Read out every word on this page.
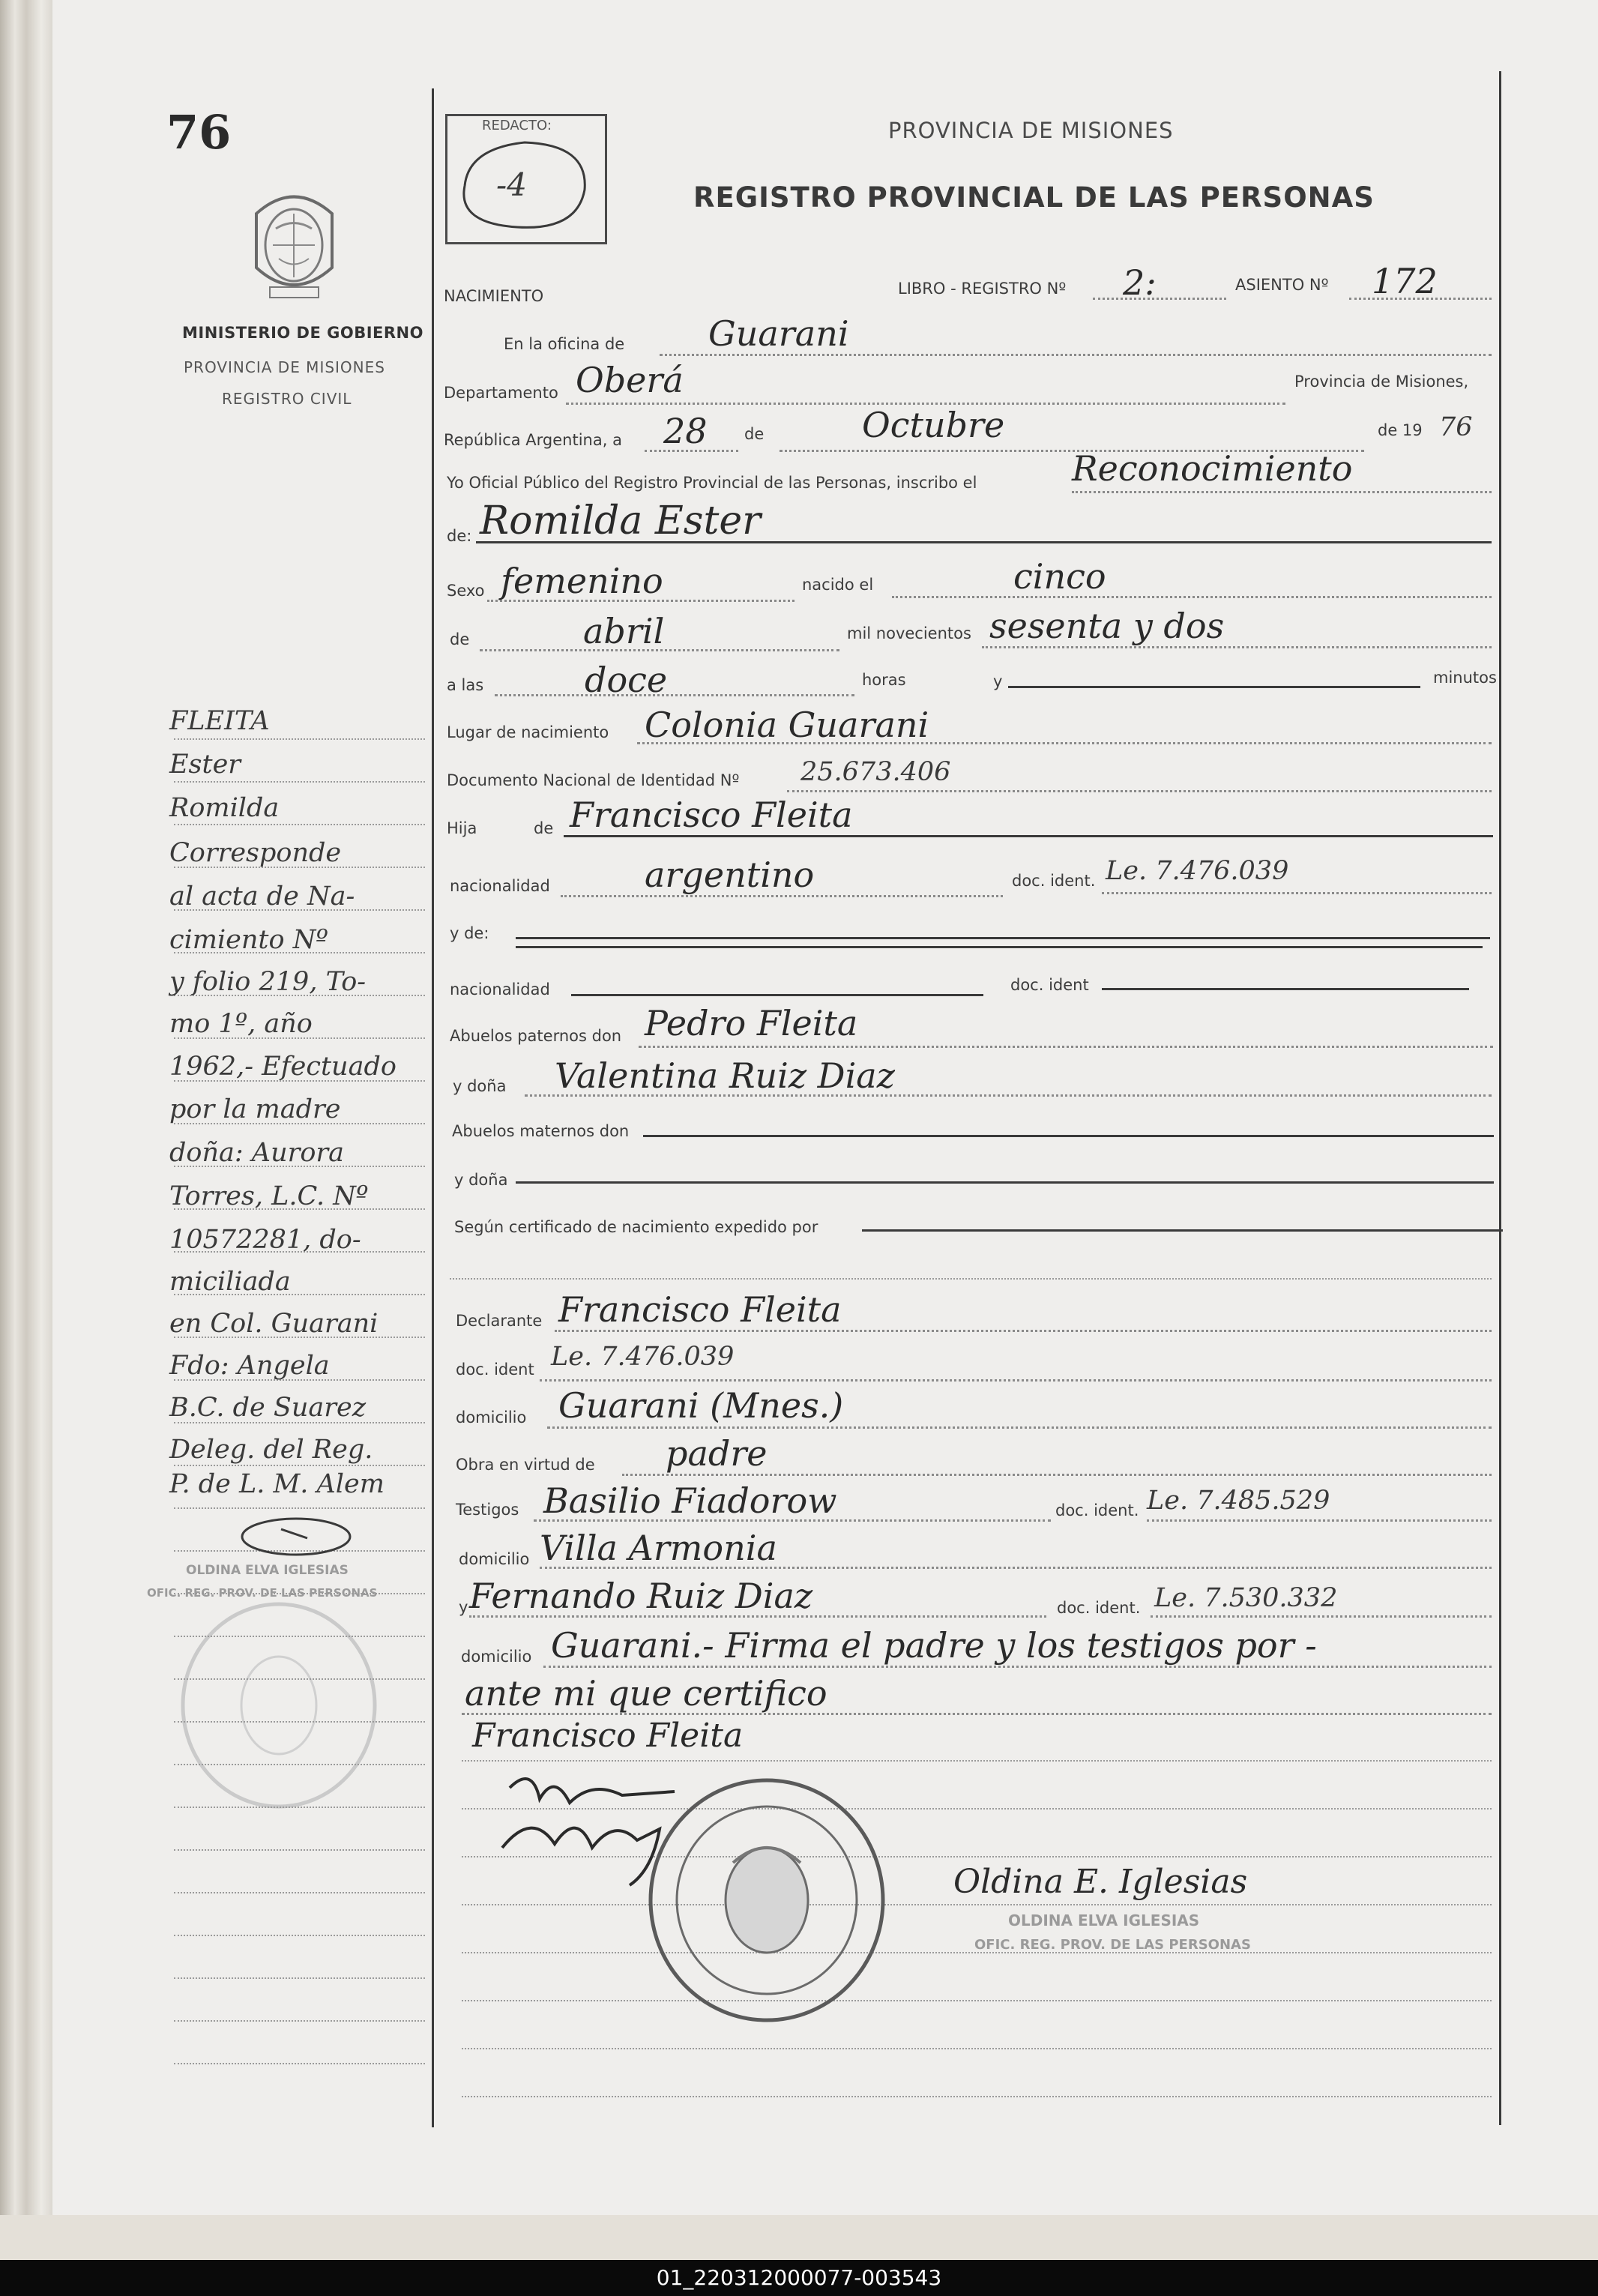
76
MINISTERIO DE GOBIERNO
PROVINCIA DE MISIONES
REGISTRO CIVIL
REDACTO:
-4
PROVINCIA DE MISIONES
REGISTRO PROVINCIAL DE LAS PERSONAS
NACIMIENTO	LIBRO - REGISTRO Nº 2:	ASIENTO Nº 172
En la oficina de Guarani
Departamento Oberá	Provincia de Misiones,
República Argentina, a 28 de	Octubre	de 19 76
Yo Oficial Público del Registro Provincial de las Personas, inscribo el	Reconocimiento
de: Romilda Ester
Sexo femenino	nacido el	cinco
de	abril	mil novecientos sesenta y dos
a las	doce	horas	y	minutos
Lugar de nacimiento Colonia Guarani
Documento Nacional de Identidad Nº 25.673.406
Hija	de Francisco Fleita
nacionalidad	argentino	doc. ident. Le. 7.476.039
y de:
nacionalidad	doc. ident
Abuelos paternos don Pedro Fleita
y doña Valentina Ruiz Diaz
Abuelos maternos don
y doña
Según certificado de nacimiento expedido por
Declarante Francisco Fleita
doc. ident Le. 7.476.039
domicilio Guarani (Mnes.)
Obra en virtud de padre
Testigos Basilio Fiadorow	doc. ident. Le. 7.485.529
domicilio Villa Armonia
y Fernando Ruiz Diaz	doc. ident. Le. 7.530.332
domicilio Guarani.- Firma el padre y los testigos por -
ante mi que certifico
Francisco Fleita
Oldina E. Iglesias
OLDINA ELVA IGLESIAS
OFIC. REG. PROV. DE LAS PERSONAS
FLEITA
Ester
Romilda
Corresponde
al acta de Na-
cimiento Nº
y folio 219, To-
mo 1º, año
1962,- Efectuado
por la madre
doña: Aurora
Torres, L.C. Nº
10572281, do-
miciliada
en Col. Guarani
Fdo: Angela
B.C. de Suarez
Deleg. del Reg.
P. de L. M. Alem
OLDINA ELVA IGLESIAS
OFIC. REG. PROV. DE LAS PERSONAS
01_220312000077-003543
